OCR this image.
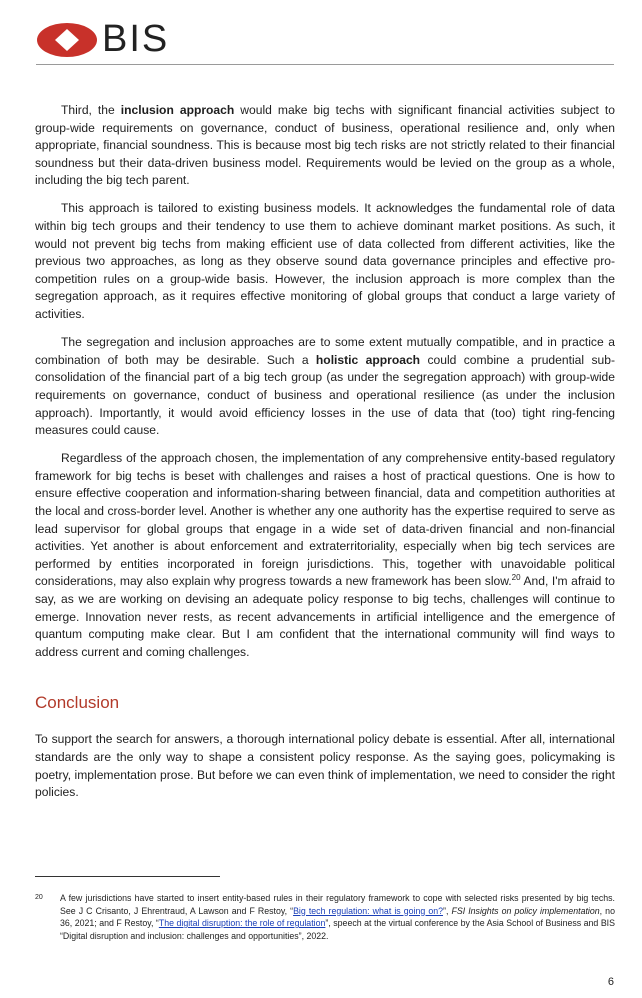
BIS

Third, the inclusion approach would make big techs with significant financial activities subject to group-wide requirements on governance, conduct of business, operational resilience and, only when appropriate, financial soundness. This is because most big tech risks are not strictly related to their financial soundness but their data-driven business model. Requirements would be levied on the group as a whole, including the big tech parent.

This approach is tailored to existing business models. It acknowledges the fundamental role of data within big tech groups and their tendency to use them to achieve dominant market positions. As such, it would not prevent big techs from making efficient use of data collected from different activities, like the previous two approaches, as long as they observe sound data governance principles and effective pro-competition rules on a group-wide basis. However, the inclusion approach is more complex than the segregation approach, as it requires effective monitoring of global groups that conduct a large variety of activities.

The segregation and inclusion approaches are to some extent mutually compatible, and in practice a combination of both may be desirable. Such a holistic approach could combine a prudential sub-consolidation of the financial part of a big tech group (as under the segregation approach) with group-wide requirements on governance, conduct of business and operational resilience (as under the inclusion approach). Importantly, it would avoid efficiency losses in the use of data that (too) tight ring-fencing measures could cause.

Regardless of the approach chosen, the implementation of any comprehensive entity-based regulatory framework for big techs is beset with challenges and raises a host of practical questions. One is how to ensure effective cooperation and information-sharing between financial, data and competition authorities at the local and cross-border level. Another is whether any one authority has the expertise required to serve as lead supervisor for global groups that engage in a wide set of data-driven financial and non-financial activities. Yet another is about enforcement and extraterritoriality, especially when big tech services are performed by entities incorporated in foreign jurisdictions. This, together with unavoidable political considerations, may also explain why progress towards a new framework has been slow.$^{20}$ And, I'm afraid to say, as we are working on devising an adequate policy response to big techs, challenges will continue to emerge. Innovation never rests, as recent advancements in artificial intelligence and the emergence of quantum computing make clear. But I am confident that the international community will find ways to address current and coming challenges.

Conclusion

To support the search for answers, a thorough international policy debate is essential. After all, international standards are the only way to shape a consistent policy response. As the saying goes, policymaking is poetry, implementation prose. But before we can even think of implementation, we need to consider the right policies.

20 A few jurisdictions have started to insert entity-based rules in their regulatory framework to cope with selected risks presented by big techs. See J C Crisanto, J Ehrentraud, A Lawson and F Restoy, “Big tech regulation: what is going on?”, FSI Insights on policy implementation, no 36, 2021; and F Restoy, “The digital disruption: the role of regulation”, speech at the virtual conference by the Asia School of Business and BIS “Digital disruption and inclusion: challenges and opportunities”, 2022.
6
